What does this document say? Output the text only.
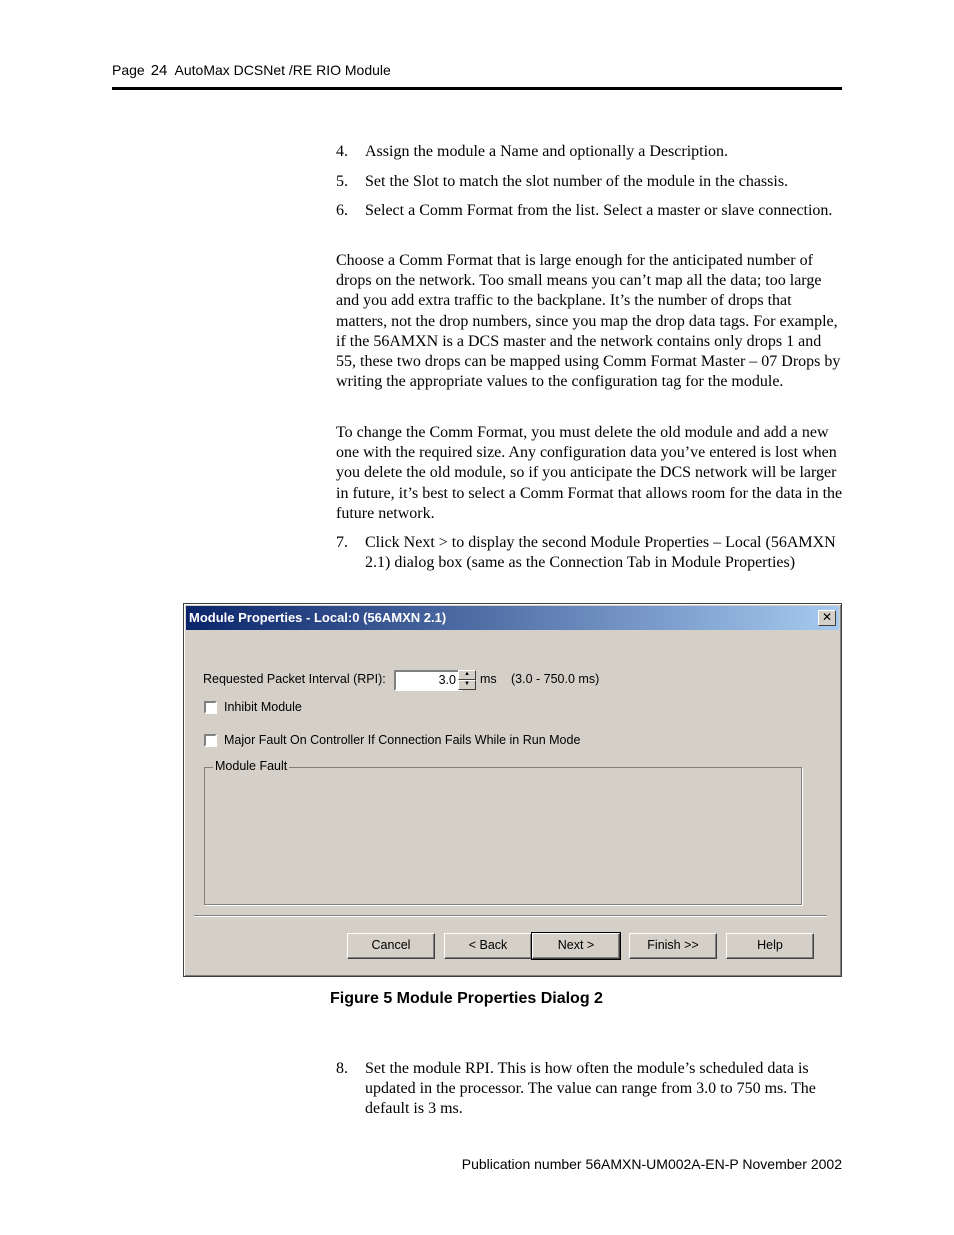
Page 24 AutoMax DCSNet /RE RIO Module
4. Assign the module a Name and optionally a Description.
5. Set the Slot to match the slot number of the module in the chassis.
6. Select a Comm Format from the list. Select a master or slave connection.
Choose a Comm Format that is large enough for the anticipated number of drops on the network. Too small means you can’t map all the data; too large and you add extra traffic to the backplane. It’s the number of drops that matters, not the drop numbers, since you map the drop data tags. For example, if the 56AMXN is a DCS master and the network contains only drops 1 and 55, these two drops can be mapped using Comm Format Master – 07 Drops by writing the appropriate values to the configuration tag for the module.
To change the Comm Format, you must delete the old module and add a new one with the required size. Any configuration data you’ve entered is lost when you delete the old module, so if you anticipate the DCS network will be larger in future, it’s best to select a Comm Format that allows room for the data in the future network.
7. Click Next > to display the second Module Properties – Local (56AMXN 2.1) dialog box (same as the Connection Tab in Module Properties)
Module Properties - Local:0 (56AMXN 2.1)	✕
Requested Packet Interval (RPI):	3.0	▲
▼ ms (3.0 - 750.0 ms)
Inhibit Module
Major Fault On Controller If Connection Fails While in Run Mode
Module Fault
Cancel	< Back	Next >	Finish >>	Help
Figure 5 Module Properties Dialog 2
8. Set the module RPI. This is how often the module’s scheduled data is updated in the processor. The value can range from 3.0 to 750 ms. The default is 3 ms.
Publication number 56AMXN-UM002A-EN-P November 2002
